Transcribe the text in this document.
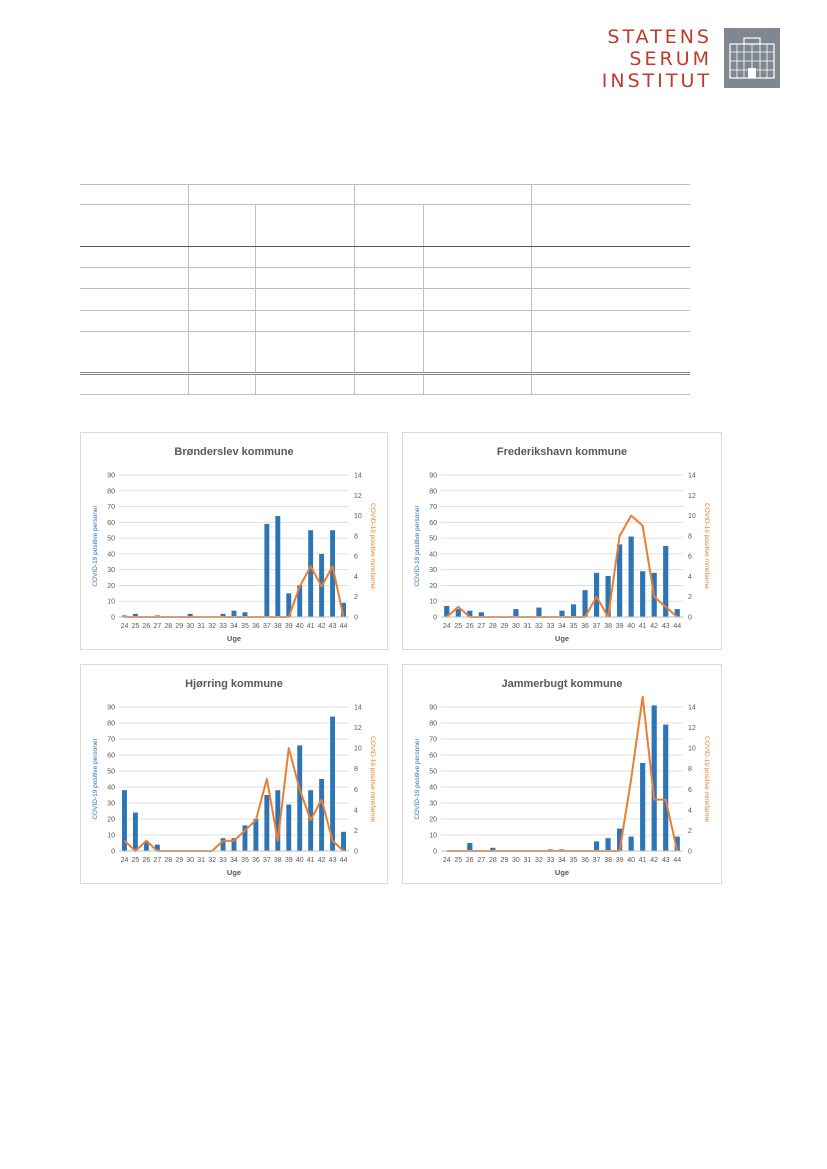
STATENS
SERUM
INSTITUT

Brønderslev kommune
0
10
20
30
40
50
60
70
80
90
0
2
4
6
8
10
12
14
24 25 26 27 28 29 30 31 32 33 34 35 36 37 38 39 40 41 42 43 44
Uge
COVID-19 positive personer	COVID-19 positive minkfarme
Frederikshavn kommune
0
10
20
30
40
50
60
70
80
90
0
2
4
6
8
10
12
14
24 25 26 27 28 29 30 31 32 33 34 35 36 37 38 39 40 41 42 43 44
Uge
COVID-19 positive personer	COVID-19 positive minkfarme
Hjørring kommune
0
10
20
30
40
50
60
70
80
90
0
2
4
6
8
10
12
14
24 25 26 27 28 29 30 31 32 33 34 35 36 37 38 39 40 41 42 43 44
Uge
COVID-19 positive personer	COVID-19 positive minkfarme
Jammerbugt kommune
0
10
20
30
40
50
60
70
80
90
0
2
4
6
8
10
12
14
24 25 26 27 28 29 30 31 32 33 34 35 36 37 38 39 40 41 42 43 44
Uge
COVID-19 positive personer	COVID-19 positive minkfarme
